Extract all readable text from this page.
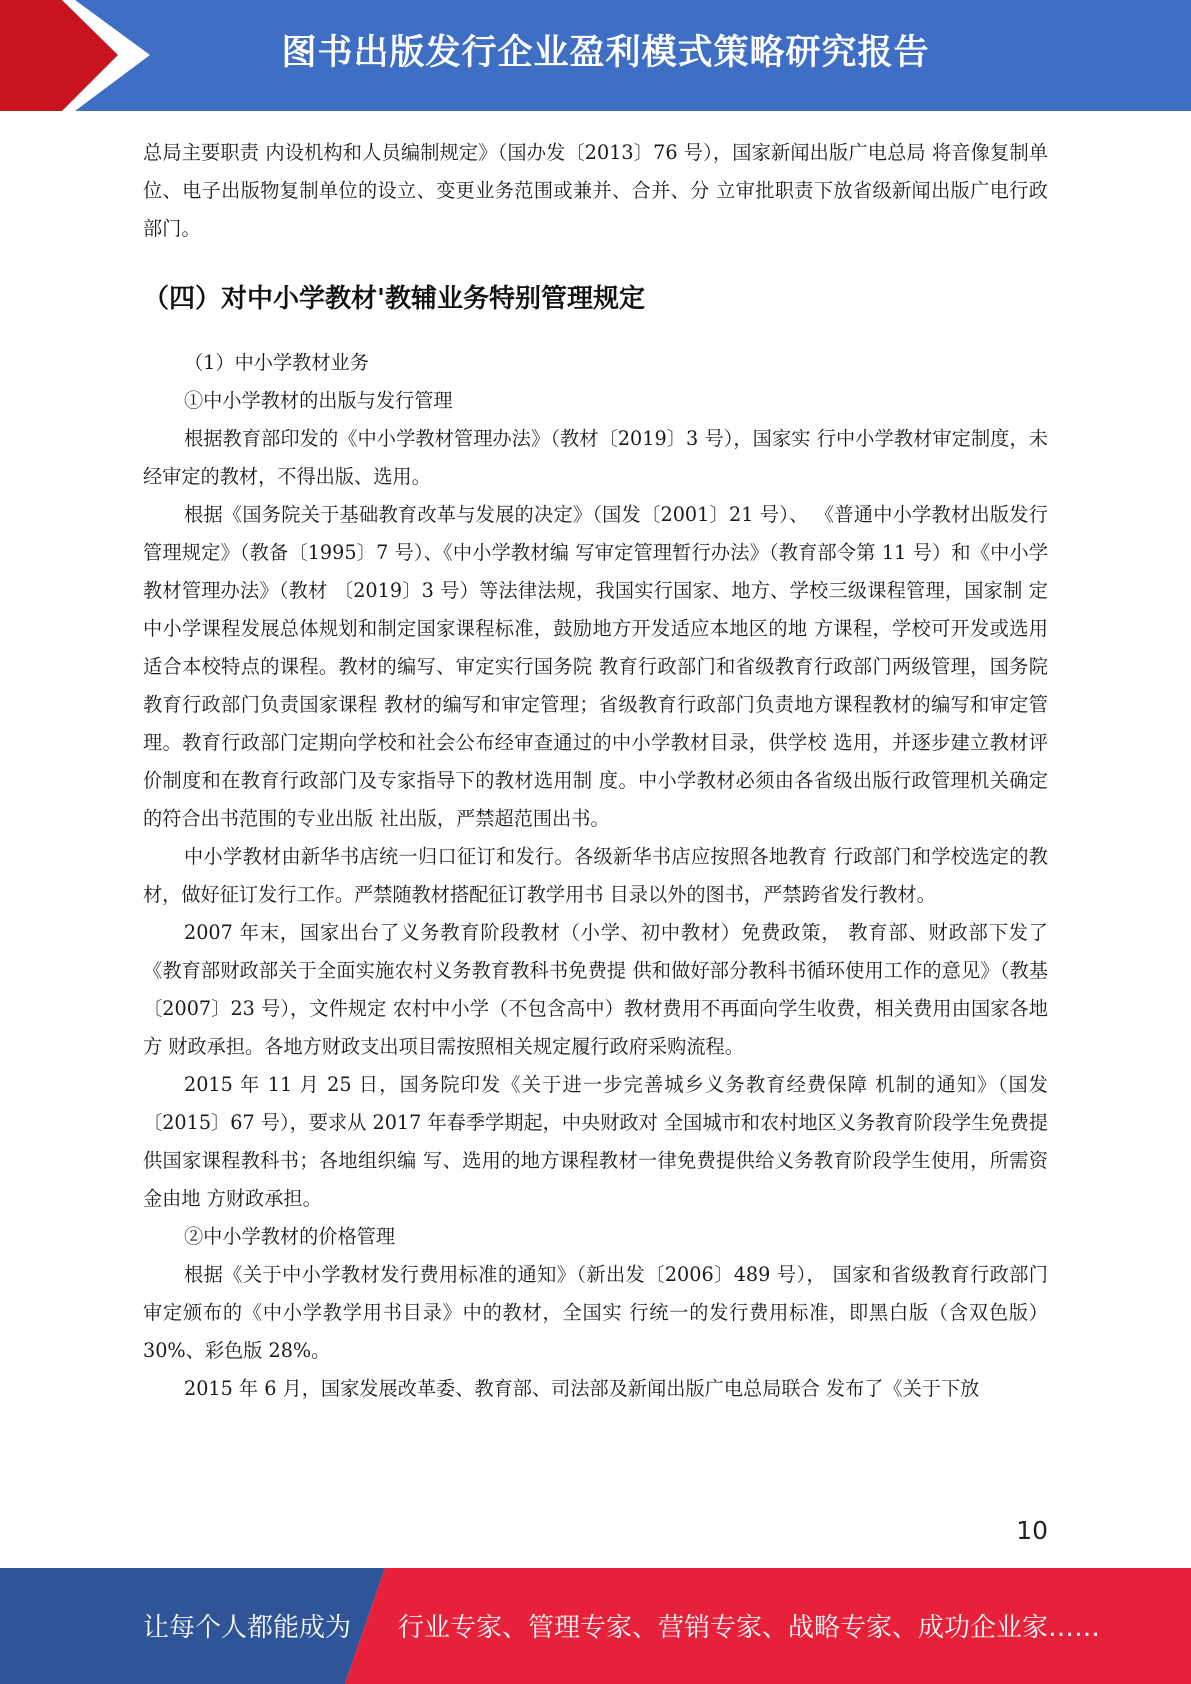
图书出版发行企业盈利模式策略研究报告

总局主要职责 内设机构和人员编制规定》（国办发〔2013〕76 号），国家新闻出版广电总局 将音像复制单位、电子出版物复制单位的设立、变更业务范围或兼并、合并、分 立审批职责下放省级新闻出版广电行政部门。

（四）对中小学教材'教辅业务特别管理规定

（1）中小学教材业务

①中小学教材的出版与发行管理

根据教育部印发的《中小学教材管理办法》（教材〔2019〕3 号），国家实 行中小学教材审定制度，未经审定的教材，不得出版、选用。

根据《国务院关于基础教育改革与发展的决定》（国发〔2001〕21 号）、 《普通中小学教材出版发行管理规定》（教备〔1995〕7 号）、《中小学教材编 写审定管理暂行办法》（教育部令第 11 号）和《中小学教材管理办法》（教材 〔2019〕3 号）等法律法规，我国实行国家、地方、学校三级课程管理，国家制 定中小学课程发展总体规划和制定国家课程标准，鼓励地方开发适应本地区的地 方课程，学校可开发或选用适合本校特点的课程。教材的编写、审定实行国务院 教育行政部门和省级教育行政部门两级管理，国务院教育行政部门负责国家课程 教材的编写和审定管理；省级教育行政部门负责地方课程教材的编写和审定管理。教育行政部门定期向学校和社会公布经审查通过的中小学教材目录，供学校 选用，并逐步建立教材评价制度和在教育行政部门及专家指导下的教材选用制 度。中小学教材必须由各省级出版行政管理机关确定的符合出书范围的专业出版 社出版，严禁超范围出书。

中小学教材由新华书店统一归口征订和发行。各级新华书店应按照各地教育 行政部门和学校选定的教材，做好征订发行工作。严禁随教材搭配征订教学用书 目录以外的图书，严禁跨省发行教材。

2007 年末，国家出台了义务教育阶段教材（小学、初中教材）免费政策， 教育部、财政部下发了《教育部财政部关于全面实施农村义务教育教科书免费提 供和做好部分教科书循环使用工作的意见》（教基〔2007〕23 号），文件规定 农村中小学（不包含高中）教材费用不再面向学生收费，相关费用由国家各地方 财政承担。各地方财政支出项目需按照相关规定履行政府采购流程。

2015 年 11 月 25 日，国务院印发《关于进一步完善城乡义务教育经费保障 机制的通知》（国发〔2015〕67 号），要求从 2017 年春季学期起，中央财政对 全国城市和农村地区义务教育阶段学生免费提供国家课程教科书；各地组织编 写、选用的地方课程教材一律免费提供给义务教育阶段学生使用，所需资金由地 方财政承担。

②中小学教材的价格管理

根据《关于中小学教材发行费用标准的通知》（新出发〔2006〕489 号）， 国家和省级教育行政部门审定颁布的《中小学教学用书目录》中的教材，全国实 行统一的发行费用标准，即黑白版（含双色版）30%、彩色版 28%。

2015 年 6 月，国家发展改革委、教育部、司法部及新闻出版广电总局联合 发布了《关于下放

10
让每个人都能成为 行业专家、管理专家、营销专家、战略专家、成功企业家……
